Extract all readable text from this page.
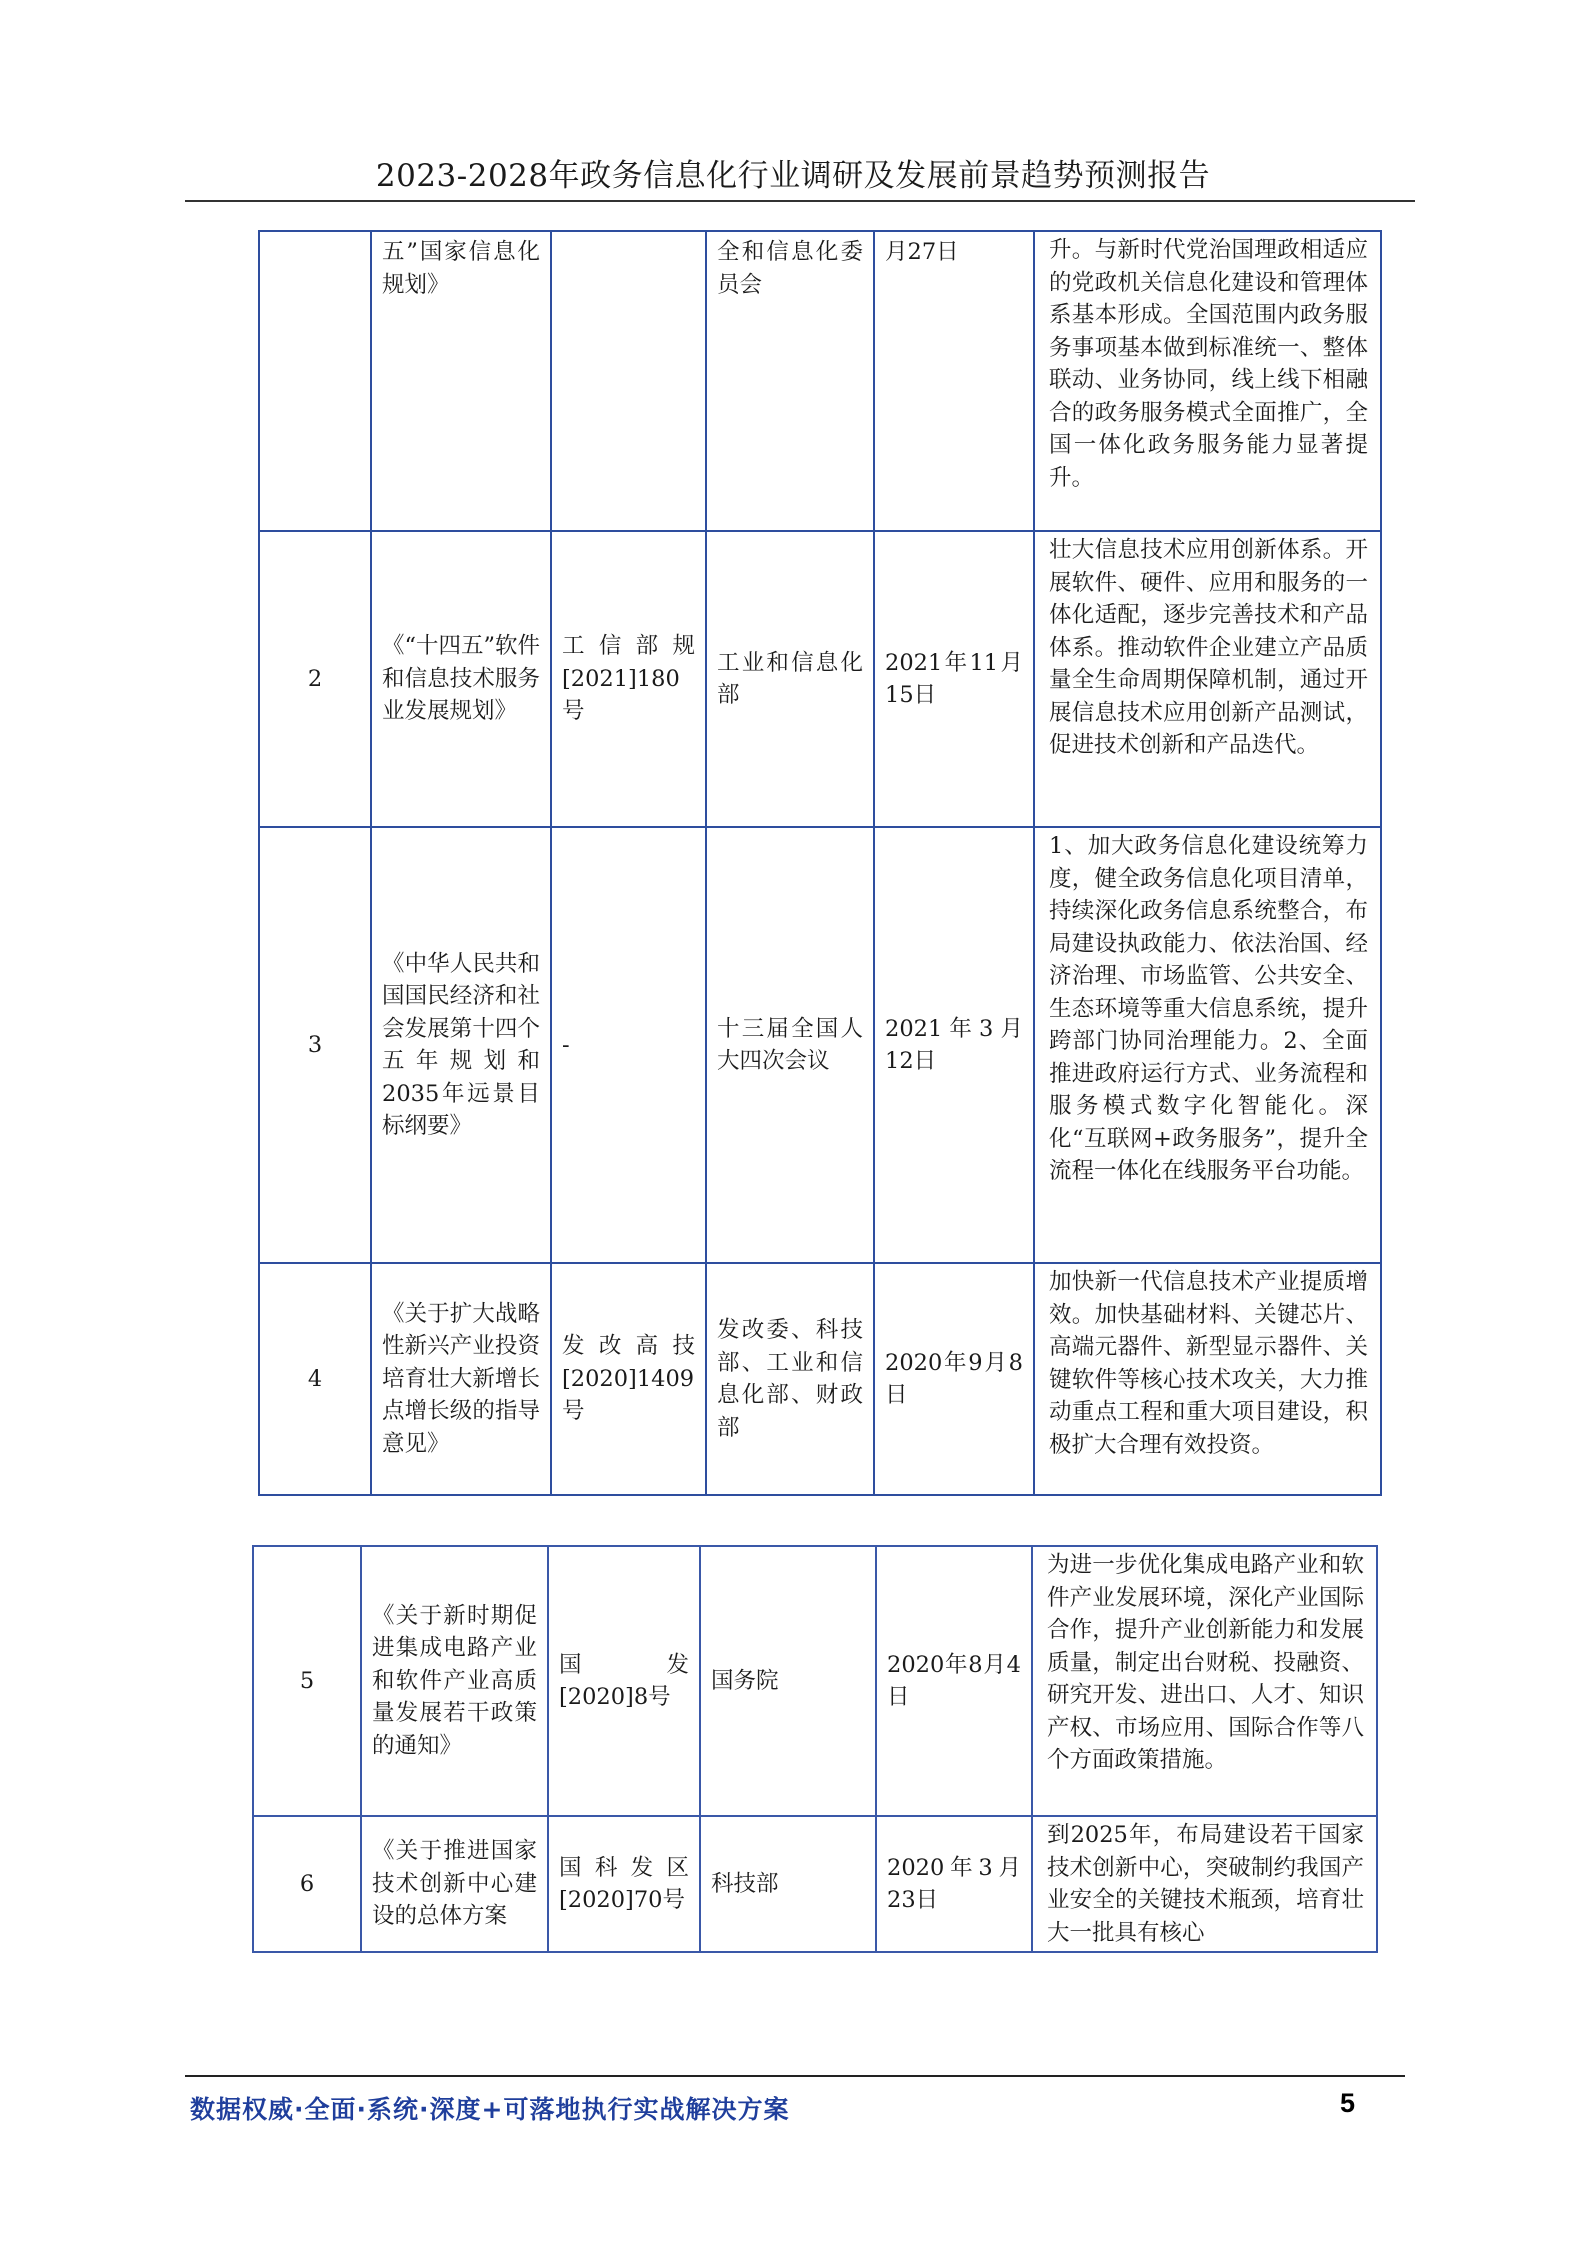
2023-2028年政务信息化行业调研及发展前景趋势预测报告
	五”国家信息化规划》		全和信息化委员会	月27日	升。与新时代党治国理政相适应的党政机关信息化建设和管理体系基本形成。全国范围内政务服务事项基本做到标准统一、整体联动、业务协同，线上线下相融合的政务服务模式全面推广，全国一体化政务服务能力显著提升。
2	《“十四五”软件和信息技术服务业发展规划》	工信部规[2021]180号	工业和信息化部	2021年11月15日	壮大信息技术应用创新体系。开展软件、硬件、应用和服务的一体化适配，逐步完善技术和产品体系。推动软件企业建立产品质量全生命周期保障机制，通过开展信息技术应用创新产品测试，促进技术创新和产品迭代。
3	《中华人民共和国国民经济和社会发展第十四个五年规划和2035年远景目标纲要》	-	十三届全国人大四次会议	2021年3月12日	1、加大政务信息化建设统筹力度，健全政务信息化项目清单，持续深化政务信息系统整合，布局建设执政能力、依法治国、经济治理、市场监管、公共安全、生态环境等重大信息系统，提升跨部门协同治理能力。2、全面推进政府运行方式、业务流程和服务模式数字化智能化。深化“互联网+政务服务”，提升全流程一体化在线服务平台功能。
4	《关于扩大战略性新兴产业投资培育壮大新增长点增长级的指导意见》	发改高技[2020]1409号	发改委、科技部、工业和信息化部、财政部	2020年9月8日	加快新一代信息技术产业提质增效。加快基础材料、关键芯片、高端元器件、新型显示器件、关键软件等核心技术攻关，大力推动重点工程和重大项目建设，积极扩大合理有效投资。
5	《关于新时期促进集成电路产业和软件产业高质量发展若干政策的通知》	国发[2020]8号	国务院	2020年8月4日	为进一步优化集成电路产业和软件产业发展环境，深化产业国际合作，提升产业创新能力和发展质量，制定出台财税、投融资、研究开发、进出口、人才、知识产权、市场应用、国际合作等八个方面政策措施。
6	《关于推进国家技术创新中心建设的总体方案	国科发区[2020]70号	科技部	2020年3月23日	到2025年，布局建设若干国家技术创新中心，突破制约我国产业安全的关键技术瓶颈，培育壮大一批具有核心
数据权威·全面·系统·深度+可落地执行实战解决方案	5
